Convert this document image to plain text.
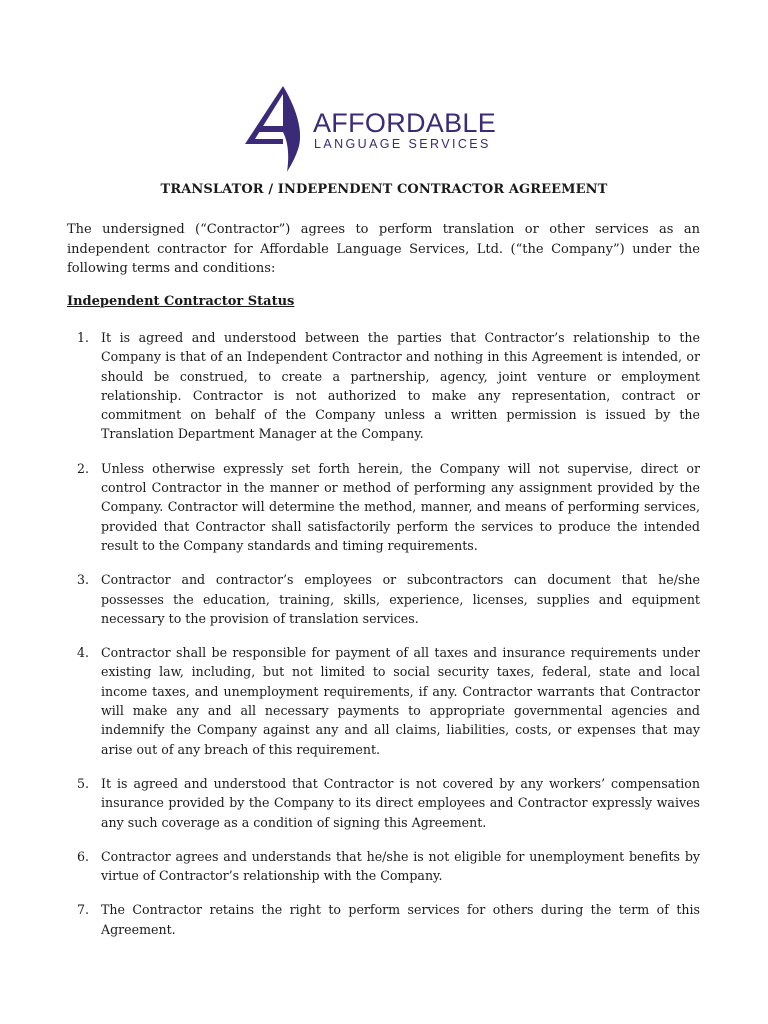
AFFORDABLE
LANGUAGE SERVICES
TRANSLATOR / INDEPENDENT CONTRACTOR AGREEMENT

The undersigned (“Contractor”) agrees to perform translation or other services as an independent contractor for Affordable Language Services, Ltd. (“the Company”) under the following terms and conditions:

Independent Contractor Status

1. It is agreed and understood between the parties that Contractor’s relationship to the Company is that of an Independent Contractor and nothing in this Agreement is intended, or should be construed, to create a partnership, agency, joint venture or employment relationship. Contractor is not authorized to make any representation, contract or commitment on behalf of the Company unless a written permission is issued by the Translation Department Manager at the Company.
2. Unless otherwise expressly set forth herein, the Company will not supervise, direct or control Contractor in the manner or method of performing any assignment provided by the Company. Contractor will determine the method, manner, and means of performing services, provided that Contractor shall satisfactorily perform the services to produce the intended result to the Company standards and timing requirements.
3. Contractor and contractor’s employees or subcontractors can document that he/she possesses the education, training, skills, experience, licenses, supplies and equipment necessary to the provision of translation services.
4. Contractor shall be responsible for payment of all taxes and insurance requirements under existing law, including, but not limited to social security taxes, federal, state and local income taxes, and unemployment requirements, if any. Contractor warrants that Contractor will make any and all necessary payments to appropriate governmental agencies and indemnify the Company against any and all claims, liabilities, costs, or expenses that may arise out of any breach of this requirement.
5. It is agreed and understood that Contractor is not covered by any workers’ compensation insurance provided by the Company to its direct employees and Contractor expressly waives any such coverage as a condition of signing this Agreement.
6. Contractor agrees and understands that he/she is not eligible for unemployment benefits by virtue of Contractor’s relationship with the Company.
7. The Contractor retains the right to perform services for others during the term of this Agreement.
